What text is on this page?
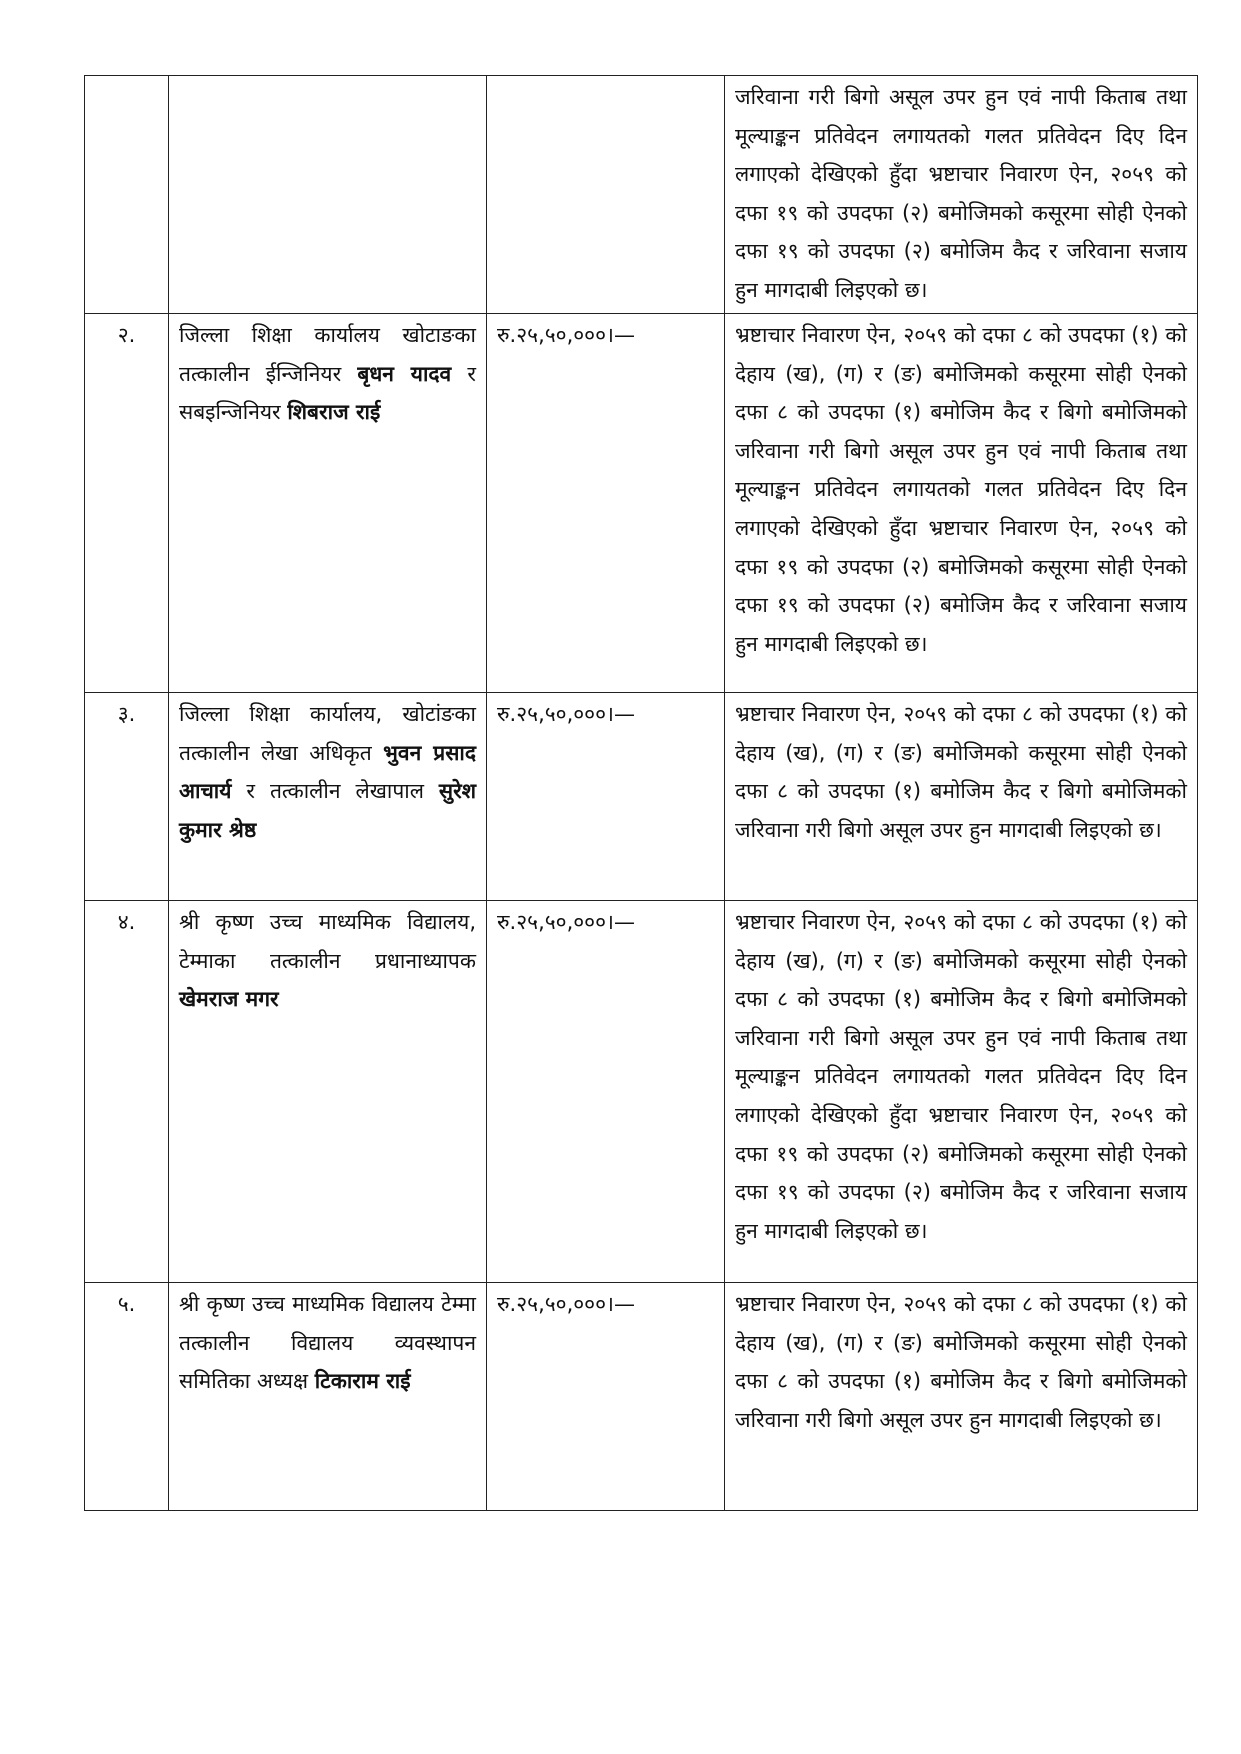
			जरिवाना गरी बिगो असूल उपर हुन एवं नापी किताब तथा मूल्याङ्कन प्रतिवेदन लगायतको गलत प्रतिवेदन दिए दिन लगाएको देखिएको हुँदा भ्रष्टाचार निवारण ऐन, २०५९ को दफा १९ को उपदफा (२) बमोजिमको कसूरमा सोही ऐनको दफा १९ को उपदफा (२) बमोजिम कैद र जरिवाना सजाय हुन मागदाबी लिइएको छ।

२.	जिल्ला शिक्षा कार्यालय खोटाङका तत्कालीन ईन्जिनियर बृधन यादव र सबइन्जिनियर शिबराज राई	रु.२५,५०,०००।—	भ्रष्टाचार निवारण ऐन, २०५९ को दफा ८ को उपदफा (१) को देहाय (ख), (ग) र (ङ) बमोजिमको कसूरमा सोही ऐनको दफा ८ को उपदफा (१) बमोजिम कैद र बिगो बमोजिमको जरिवाना गरी बिगो असूल उपर हुन एवं नापी किताब तथा मूल्याङ्कन प्रतिवेदन लगायतको गलत प्रतिवेदन दिए दिन लगाएको देखिएको हुँदा भ्रष्टाचार निवारण ऐन, २०५९ को दफा १९ को उपदफा (२) बमोजिमको कसूरमा सोही ऐनको दफा १९ को उपदफा (२) बमोजिम कैद र जरिवाना सजाय हुन मागदाबी लिइएको छ।

३.	जिल्ला शिक्षा कार्यालय, खोटांङका तत्कालीन लेखा अधिकृत भुवन प्रसाद आचार्य र तत्कालीन लेखापाल सुरेश कुमार श्रेष्ठ	रु.२५,५०,०००।—	भ्रष्टाचार निवारण ऐन, २०५९ को दफा ८ को उपदफा (१) को देहाय (ख), (ग) र (ङ) बमोजिमको कसूरमा सोही ऐनको दफा ८ को उपदफा (१) बमोजिम कैद र बिगो बमोजिमको जरिवाना गरी बिगो असूल उपर हुन मागदाबी लिइएको छ।

४.	श्री कृष्ण उच्च माध्यमिक विद्यालय, टेम्माका तत्कालीन प्रधानाध्यापक खेमराज मगर	रु.२५,५०,०००।—	भ्रष्टाचार निवारण ऐन, २०५९ को दफा ८ को उपदफा (१) को देहाय (ख), (ग) र (ङ) बमोजिमको कसूरमा सोही ऐनको दफा ८ को उपदफा (१) बमोजिम कैद र बिगो बमोजिमको जरिवाना गरी बिगो असूल उपर हुन एवं नापी किताब तथा मूल्याङ्कन प्रतिवेदन लगायतको गलत प्रतिवेदन दिए दिन लगाएको देखिएको हुँदा भ्रष्टाचार निवारण ऐन, २०५९ को दफा १९ को उपदफा (२) बमोजिमको कसूरमा सोही ऐनको दफा १९ को उपदफा (२) बमोजिम कैद र जरिवाना सजाय हुन मागदाबी लिइएको छ।

५.	श्री कृष्ण उच्च माध्यमिक विद्यालय टेम्मा तत्कालीन विद्यालय व्यवस्थापन समितिका अध्यक्ष टिकाराम राई	रु.२५,५०,०००।—	भ्रष्टाचार निवारण ऐन, २०५९ को दफा ८ को उपदफा (१) को देहाय (ख), (ग) र (ङ) बमोजिमको कसूरमा सोही ऐनको दफा ८ को उपदफा (१) बमोजिम कैद र बिगो बमोजिमको जरिवाना गरी बिगो असूल उपर हुन मागदाबी लिइएको छ।
